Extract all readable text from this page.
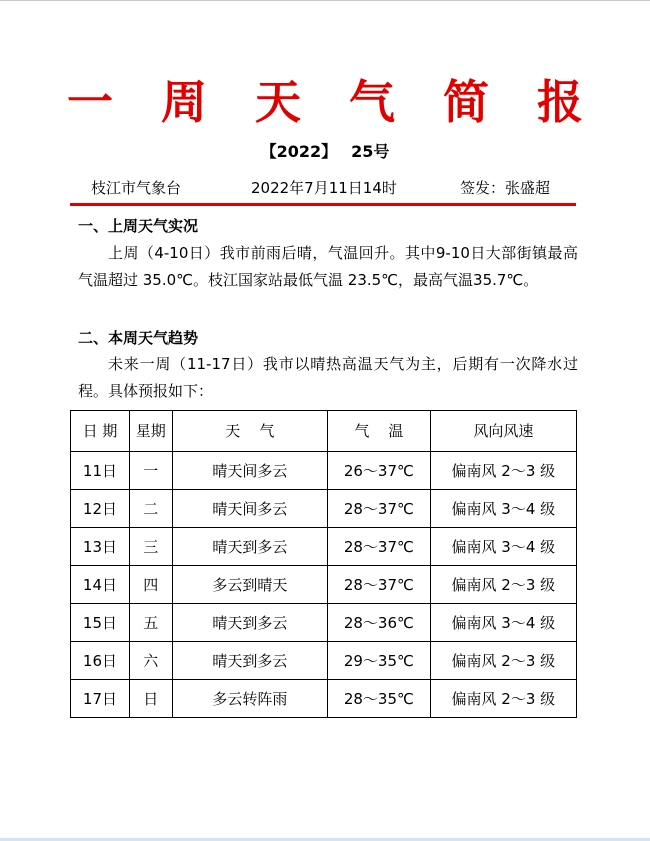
一 周 天 气 简 报
【2022】 25号
枝江市气象台	2022年7月11日14时	签发：张盛超
一、上周天气实况
上周（4-10日）我市前雨后晴，气温回升。其中9-10日大部街镇最高气温超过 35.0℃。枝江国家站最低气温 23.5℃，最高气温35.7℃。
二、本周天气趋势
未来一周（11-17日）我市以晴热高温天气为主，后期有一次降水过程。具体预报如下：
日 期	星期	天    气	气    温	风向风速
11日	一	晴天间多云	26～37℃	偏南风 2～3 级
12日	二	晴天间多云	28～37℃	偏南风 3～4 级
13日	三	晴天到多云	28～37℃	偏南风 3～4 级
14日	四	多云到晴天	28～37℃	偏南风 2～3 级
15日	五	晴天到多云	28～36℃	偏南风 3～4 级
16日	六	晴天到多云	29～35℃	偏南风 2～3 级
17日	日	多云转阵雨	28～35℃	偏南风 2～3 级
